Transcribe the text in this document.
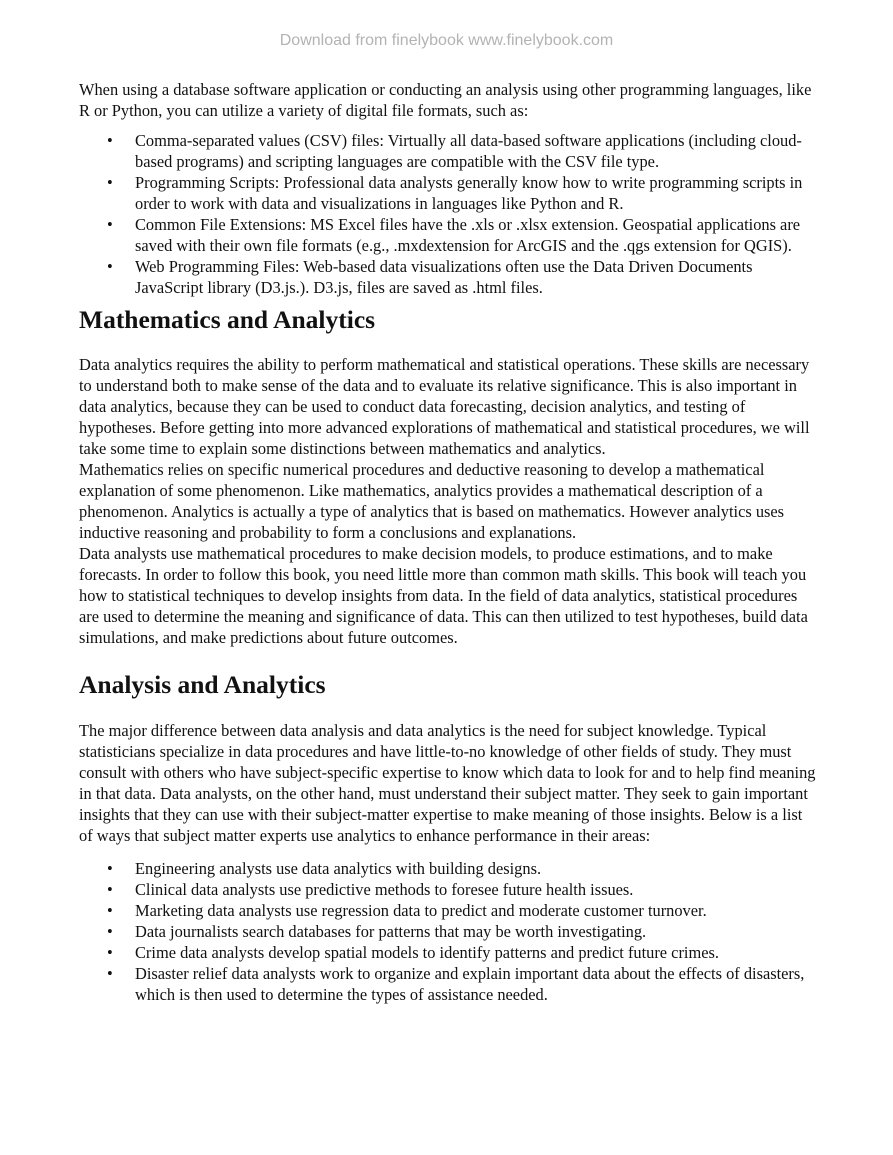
Download from finelybook www.finelybook.com

When using a database software application or conducting an analysis using other programming languages, like R or Python, you can utilize a variety of digital file formats, such as:

• Comma-separated values (CSV) files: Virtually all data-based software applications (including cloud-based programs) and scripting languages are compatible with the CSV file type.
• Programming Scripts: Professional data analysts generally know how to write programming scripts in order to work with data and visualizations in languages like Python and R.
• Common File Extensions: MS Excel files have the .xls or .xlsx extension. Geospatial applications are saved with their own file formats (e.g., .mxdextension for ArcGIS and the .qgs extension for QGIS).
• Web Programming Files: Web-based data visualizations often use the Data Driven Documents JavaScript library (D3.js.). D3.js, files are saved as .html files.
Mathematics and Analytics

Data analytics requires the ability to perform mathematical and statistical operations. These skills are necessary to understand both to make sense of the data and to evaluate its relative significance. This is also important in data analytics, because they can be used to conduct data forecasting, decision analytics, and testing of hypotheses. Before getting into more advanced explorations of mathematical and statistical procedures, we will take some time to explain some distinctions between mathematics and analytics.

Mathematics relies on specific numerical procedures and deductive reasoning to develop a mathematical explanation of some phenomenon. Like mathematics, analytics provides a mathematical description of a phenomenon. Analytics is actually a type of analytics that is based on mathematics. However analytics uses inductive reasoning and probability to form a conclusions and explanations.

Data analysts use mathematical procedures to make decision models, to produce estimations, and to make forecasts. In order to follow this book, you need little more than common math skills. This book will teach you how to statistical techniques to develop insights from data. In the field of data analytics, statistical procedures are used to determine the meaning and significance of data. This can then utilized to test hypotheses, build data simulations, and make predictions about future outcomes.

Analysis and Analytics

The major difference between data analysis and data analytics is the need for subject knowledge. Typical statisticians specialize in data procedures and have little-to-no knowledge of other fields of study. They must consult with others who have subject-specific expertise to know which data to look for and to help find meaning in that data. Data analysts, on the other hand, must understand their subject matter. They seek to gain important insights that they can use with their subject-matter expertise to make meaning of those insights. Below is a list of ways that subject matter experts use analytics to enhance performance in their areas:

• Engineering analysts use data analytics with building designs.
• Clinical data analysts use predictive methods to foresee future health issues.
• Marketing data analysts use regression data to predict and moderate customer turnover.
• Data journalists search databases for patterns that may be worth investigating.
• Crime data analysts develop spatial models to identify patterns and predict future crimes.
• Disaster relief data analysts work to organize and explain important data about the effects of disasters, which is then used to determine the types of assistance needed.
